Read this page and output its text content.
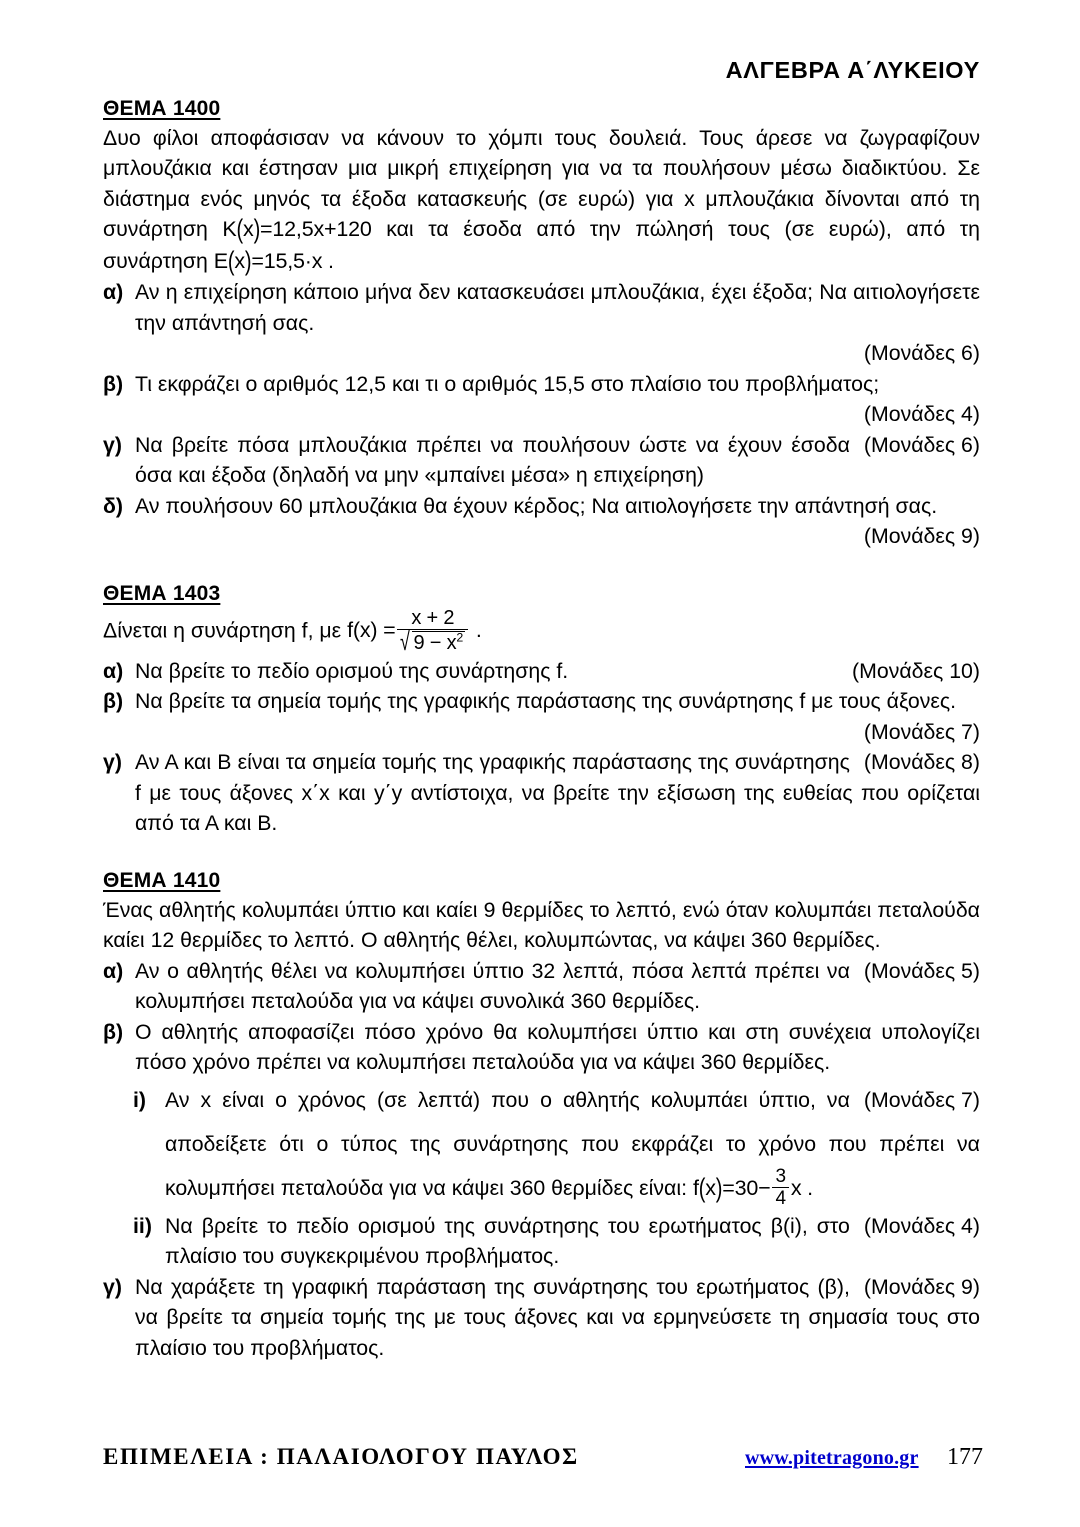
ΑΛΓΕΒΡΑ Α΄ΛΥΚΕΙΟΥ
ΘΕΜΑ 1400
Δυο φίλοι αποφάσισαν να κάνουν το χόμπι τους δουλειά. Τους άρεσε να ζωγραφίζουν μπλουζάκια και έστησαν μια μικρή επιχείρηση για να τα πουλήσουν μέσω διαδικτύου. Σε διάστημα ενός μηνός τα έξοδα κατασκευής (σε ευρώ) για x μπλουζάκια δίνονται από τη συνάρτηση K(x)=12,5x+120 και τα έσοδα από την πώλησή τους (σε ευρώ), από τη συνάρτηση E(x)=15,5·x .
α) Αν η επιχείρηση κάποιο μήνα δεν κατασκευάσει μπλουζάκια, έχει έξοδα; Να αιτιολογήσετε την απάντησή σας.
(Μονάδες 6)
β) Τι εκφράζει ο αριθμός 12,5 και τι ο αριθμός 15,5 στο πλαίσιο του προβλήματος;
(Μονάδες 4)
γ)	(Μονάδες 6)
Να βρείτε πόσα μπλουζάκια πρέπει να πουλήσουν ώστε να έχουν έσοδα όσα και έξοδα (δηλαδή να μην «μπαίνει μέσα» η επιχείρηση)
δ) Αν πουλήσουν 60 μπλουζάκια θα έχουν κέρδος; Να αιτιολογήσετε την απάντησή σας.
(Μονάδες 9)
ΘΕΜΑ 1403
Δίνεται η συνάρτηση f, με f(x) = x + 2
√ $9 - x^2$ .
α)	(Μονάδες 10)
Να βρείτε το πεδίο ορισμού της συνάρτησης f.
β) Να βρείτε τα σημεία τομής της γραφικής παράστασης της συνάρτησης f με τους άξονες.
(Μονάδες 7)
γ)	(Μονάδες 8)
Αν Α και Β είναι τα σημεία τομής της γραφικής παράστασης της συνάρτησης f με τους άξονες x΄x και y΄y αντίστοιχα, να βρείτε την εξίσωση της ευθείας που ορίζεται από τα Α και Β.
ΘΕΜΑ 1410
Ένας αθλητής κολυμπάει ύπτιο και καίει 9 θερμίδες το λεπτό, ενώ όταν κολυμπάει πεταλούδα καίει 12 θερμίδες το λεπτό. Ο αθλητής θέλει, κολυμπώντας, να κάψει 360 θερμίδες.
α)	(Μονάδες 5)
Αν ο αθλητής θέλει να κολυμπήσει ύπτιο 32 λεπτά, πόσα λεπτά πρέπει να κολυμπήσει πεταλούδα για να κάψει συνολικά 360 θερμίδες.
β) Ο αθλητής αποφασίζει πόσο χρόνο θα κολυμπήσει ύπτιο και στη συνέχεια υπολογίζει πόσο χρόνο πρέπει να κολυμπήσει πεταλούδα για να κάψει 360 θερμίδες.
i)	(Μονάδες 7)
Αν x είναι ο χρόνος (σε λεπτά) που ο αθλητής κολυμπάει ύπτιο, να αποδείξετε ότι ο τύπος της συνάρτησης που εκφράζει το χρόνο που πρέπει να κολυμπήσει πεταλούδα για να κάψει 360 θερμίδες είναι: $f(x)=30- \frac{3}{4}$ x .
ii)	(Μονάδες 4)
Να βρείτε το πεδίο ορισμού της συνάρτησης του ερωτήματος β(i), στο πλαίσιο του συγκεκριμένου προβλήματος.
γ)	(Μονάδες 9)
Να χαράξετε τη γραφική παράσταση της συνάρτησης του ερωτήματος (β), να βρείτε τα σημεία τομής της με τους άξονες και να ερμηνεύσετε τη σημασία τους στο πλαίσιο του προβλήματος.
ΕΠΙΜΕΛΕΙΑ : ΠΑΛΑΙΟΛΟΓΟΥ ΠΑΥΛΟΣ	www.pitetragono.gr 177
